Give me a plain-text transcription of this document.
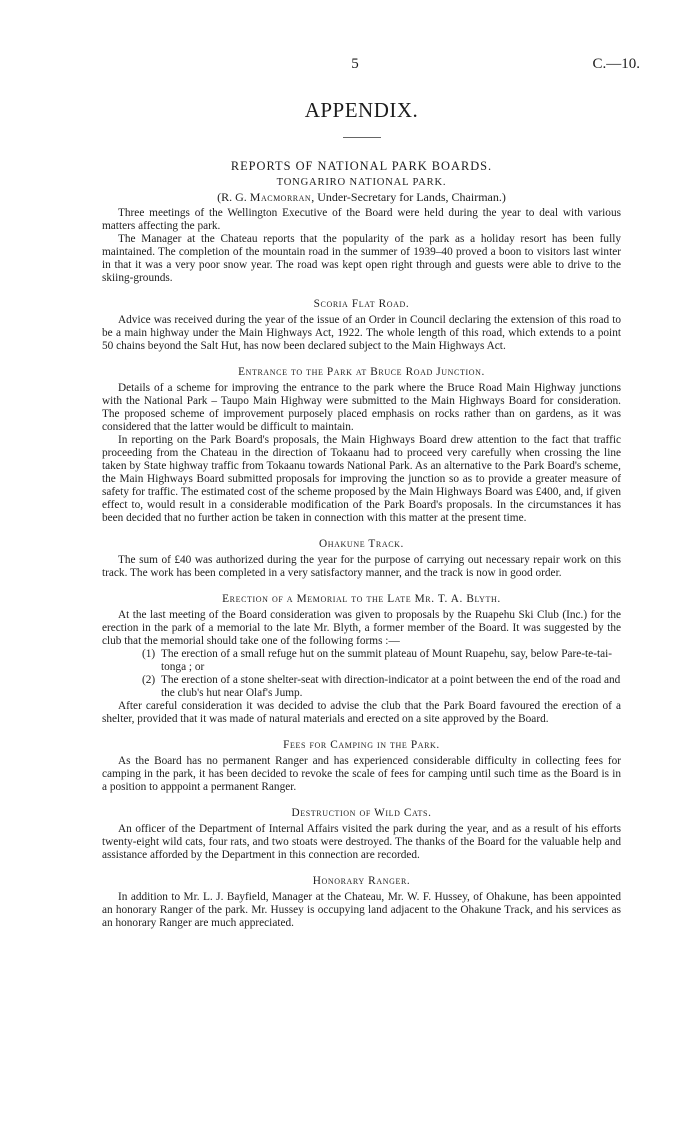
5	C.—10.
APPENDIX.
REPORTS OF NATIONAL PARK BOARDS.
TONGARIRO NATIONAL PARK.
(R. G. Macmorran, Under-Secretary for Lands, Chairman.)

Three meetings of the Wellington Executive of the Board were held during the year to deal with various matters affecting the park.

The Manager at the Chateau reports that the popularity of the park as a holiday resort has been fully maintained. The completion of the mountain road in the summer of 1939–40 proved a boon to visitors last winter in that it was a very poor snow year. The road was kept open right through and guests were able to drive to the skiing-grounds.

Scoria Flat Road.

Advice was received during the year of the issue of an Order in Council declaring the extension of this road to be a main highway under the Main Highways Act, 1922. The whole length of this road, which extends to a point 50 chains beyond the Salt Hut, has now been declared subject to the Main Highways Act.

Entrance to the Park at Bruce Road Junction.

Details of a scheme for improving the entrance to the park where the Bruce Road Main Highway junctions with the National Park – Taupo Main Highway were submitted to the Main Highways Board for consideration. The proposed scheme of improvement purposely placed emphasis on rocks rather than on gardens, as it was considered that the latter would be difficult to maintain.

In reporting on the Park Board's proposals, the Main Highways Board drew attention to the fact that traffic proceeding from the Chateau in the direction of Tokaanu had to proceed very carefully when crossing the line taken by State highway traffic from Tokaanu towards National Park. As an alternative to the Park Board's scheme, the Main Highways Board submitted proposals for improving the junction so as to provide a greater measure of safety for traffic. The estimated cost of the scheme proposed by the Main Highways Board was £400, and, if given effect to, would result in a considerable modification of the Park Board's proposals. In the circumstances it has been decided that no further action be taken in connection with this matter at the present time.

Ohakune Track.

The sum of £40 was authorized during the year for the purpose of carrying out necessary repair work on this track. The work has been completed in a very satisfactory manner, and the track is now in good order.

Erection of a Memorial to the Late Mr. T. A. Blyth.

At the last meeting of the Board consideration was given to proposals by the Ruapehu Ski Club (Inc.) for the erection in the park of a memorial to the late Mr. Blyth, a former member of the Board. It was suggested by the club that the memorial should take one of the following forms :—

(1) The erection of a small refuge hut on the summit plateau of Mount Ruapehu, say, below Pare-te-tai-tonga ; or
(2) The erection of a stone shelter-seat with direction-indicator at a point between the end of the road and the club's hut near Olaf's Jump.

After careful consideration it was decided to advise the club that the Park Board favoured the erection of a shelter, provided that it was made of natural materials and erected on a site approved by the Board.

Fees for Camping in the Park.

As the Board has no permanent Ranger and has experienced considerable difficulty in collecting fees for camping in the park, it has been decided to revoke the scale of fees for camping until such time as the Board is in a position to apppoint a permanent Ranger.

Destruction of Wild Cats.

An officer of the Department of Internal Affairs visited the park during the year, and as a result of his efforts twenty-eight wild cats, four rats, and two stoats were destroyed. The thanks of the Board for the valuable help and assistance afforded by the Department in this connection are recorded.

Honorary Ranger.

In addition to Mr. L. J. Bayfield, Manager at the Chateau, Mr. W. F. Hussey, of Ohakune, has been appointed an honorary Ranger of the park. Mr. Hussey is occupying land adjacent to the Ohakune Track, and his services as an honorary Ranger are much appreciated.
